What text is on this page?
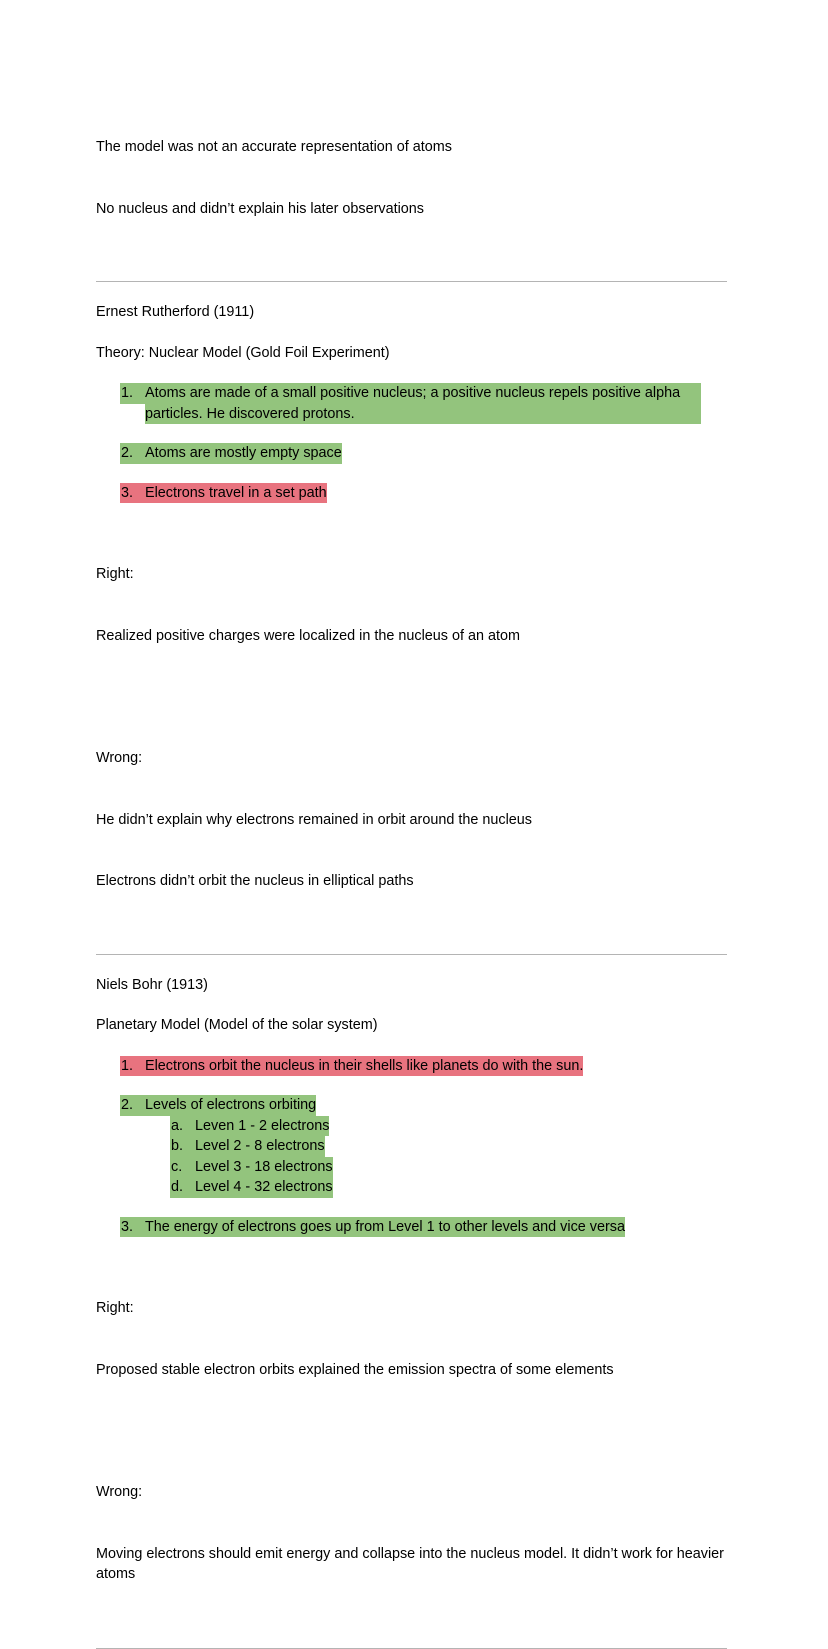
The model was not an accurate representation of atoms

No nucleus and didn’t explain his later observations

Ernest Rutherford (1911)
Theory: Nuclear Model (Gold Foil Experiment)
1. Atoms are made of a small positive nucleus; a positive nucleus repels positive alpha particles. He discovered protons.
2. Atoms are mostly empty space
3. Electrons travel in a set path

Right:

Realized positive charges were localized in the nucleus of an atom

Wrong:

He didn’t explain why electrons remained in orbit around the nucleus

Electrons didn’t orbit the nucleus in elliptical paths

Niels Bohr (1913)
Planetary Model (Model of the solar system)
1. Electrons orbit the nucleus in their shells like planets do with the sun.
2. Levels of electrons orbiting
a. Leven 1 - 2 electrons
b. Level 2 - 8 electrons
c. Level 3 - 18 electrons
d. Level 4 - 32 electrons
3. The energy of electrons goes up from Level 1 to other levels and vice versa

Right:

Proposed stable electron orbits explained the emission spectra of some elements

Wrong:

Moving electrons should emit energy and collapse into the nucleus model. It didn’t work for heavier atoms
